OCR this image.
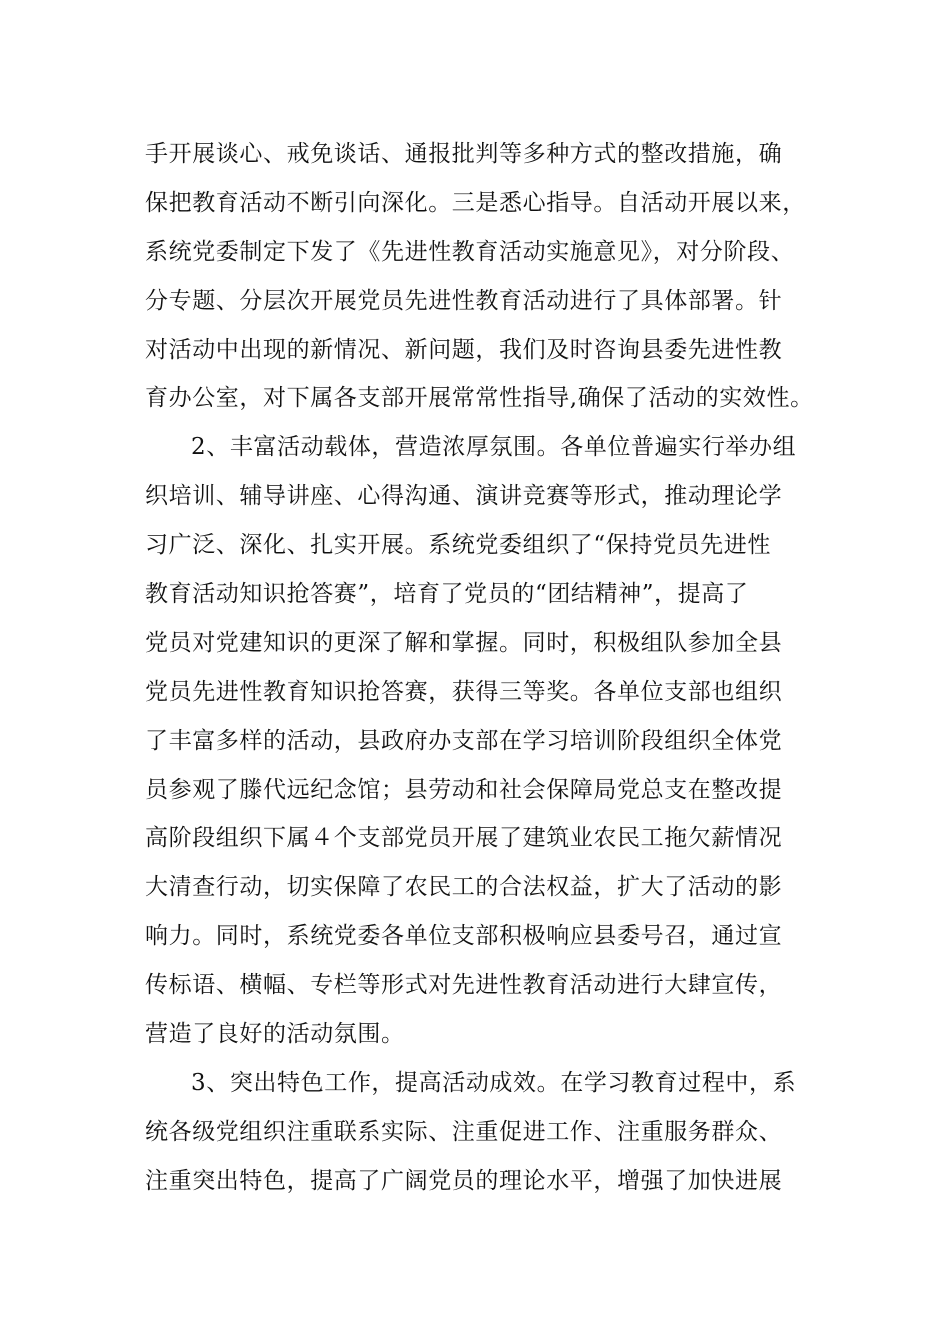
手开展谈心、戒免谈话、通报批判等多种方式的整改措施，确
保把教育活动不断引向深化。三是悉心指导。自活动开展以来，
系统党委制定下发了《先进性教育活动实施意见》，对分阶段、
分专题、分层次开展党员先进性教育活动进行了具体部署。针
对活动中出现的新情况、新问题，我们及时咨询县委先进性教
育办公室，对下属各支部开展常常性指导,确保了活动的实效性。
2、丰富活动载体，营造浓厚氛围。各单位普遍实行举办组
织培训、辅导讲座、心得沟通、演讲竞赛等形式，推动理论学
习广泛、深化、扎实开展。系统党委组织了“保持党员先进性
教育活动知识抢答赛”，培育了党员的“团结精神”，提高了
党员对党建知识的更深了解和掌握。同时，积极组队参加全县
党员先进性教育知识抢答赛，获得三等奖。各单位支部也组织
了丰富多样的活动，县政府办支部在学习培训阶段组织全体党
员参观了滕代远纪念馆；县劳动和社会保障局党总支在整改提
高阶段组织下属４个支部党员开展了建筑业农民工拖欠薪情况
大清查行动，切实保障了农民工的合法权益，扩大了活动的影
响力。同时，系统党委各单位支部积极响应县委号召，通过宣
传标语、横幅、专栏等形式对先进性教育活动进行大肆宣传，
营造了良好的活动氛围。
3、突出特色工作，提高活动成效。在学习教育过程中，系
统各级党组织注重联系实际、注重促进工作、注重服务群众、
注重突出特色，提高了广阔党员的理论水平，增强了加快进展
